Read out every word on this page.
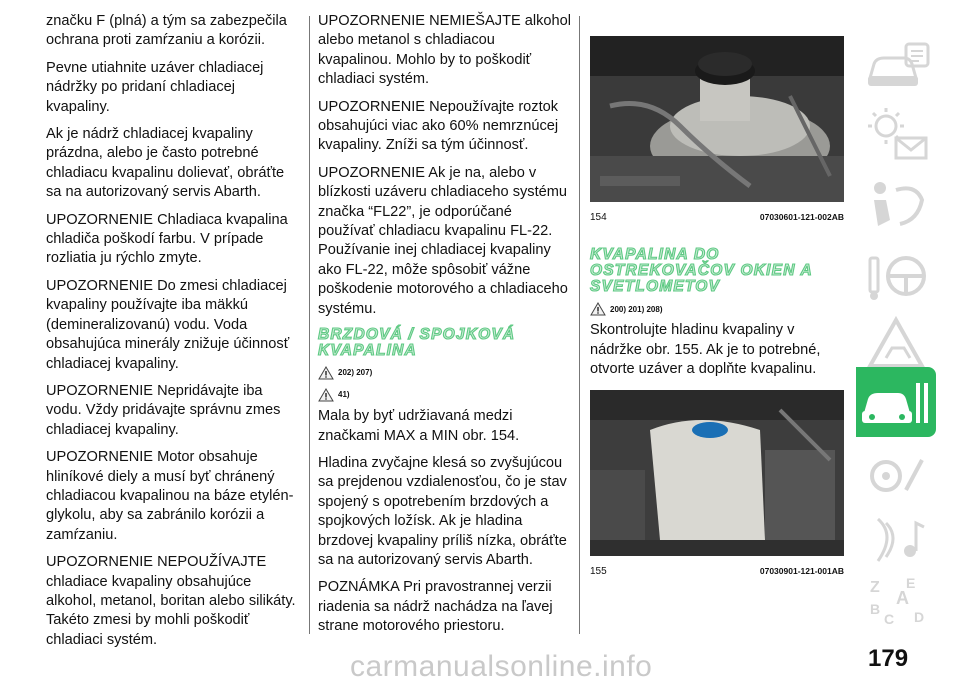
značku F (plná) a tým sa zabezpečila ochrana proti zamŕzaniu a korózii.

Pevne utiahnite uzáver chladiacej nádržky po pridaní chladiacej kvapaliny.

Ak je nádrž chladiacej kvapaliny prázdna, alebo je často potrebné chladiacu kvapalinu dolievať, obráťte sa na autorizovaný servis Abarth.

UPOZORNENIE Chladiaca kvapalina chladiča poškodí farbu. V prípade rozliatia ju rýchlo zmyte.

UPOZORNENIE Do zmesi chladiacej kvapaliny používajte iba mäkkú (demineralizovanú) vodu. Voda obsahujúca minerály znižuje účinnosť chladiacej kvapaliny.

UPOZORNENIE Nepridávajte iba vodu. Vždy pridávajte správnu zmes chladiacej kvapaliny.

UPOZORNENIE Motor obsahuje hliníkové diely a musí byť chránený chladiacou kvapalinou na báze etylén-glykolu, aby sa zabránilo korózii a zamŕzaniu.

UPOZORNENIE NEPOUŽÍVAJTE chladiace kvapaliny obsahujúce alkohol, metanol, boritan alebo silikáty. Takéto zmesi by mohli poškodiť chladiaci systém.

UPOZORNENIE NEMIEŠAJTE alkohol alebo metanol s chladiacou kvapalinou. Mohlo by to poškodiť chladiaci systém.

UPOZORNENIE Nepoužívajte roztok obsahujúci viac ako 60% nemrznúcej kvapaliny. Zníži sa tým účinnosť.

UPOZORNENIE Ak je na, alebo v blízkosti uzáveru chladiaceho systému značka “FL22”, je odporúčané používať chladiacu kvapalinu FL-22. Používanie inej chladiacej kvapaliny ako FL-22, môže spôsobiť vážne poškodenie motorového a chladiaceho systému.

BRZDOVÁ / SPOJKOVÁ KVAPALINA
202) 207)
41)

Mala by byť udržiavaná medzi značkami MAX a MIN obr. 154.

Hladina zvyčajne klesá so zvyšujúcou sa prejdenou vzdialenosťou, čo je stav spojený s opotrebením brzdových a spojkových ložísk. Ak je hladina brzdovej kvapaliny príliš nízka, obráťte sa na autorizovaný servis Abarth.

POZNÁMKA Pri pravostrannej verzii riadenia sa nádrž nachádza na ľavej strane motorového priestoru.

154	07030601-121-002AB
KVAPALINA DO OSTREKOVAČOV OKIEN A SVETLOMETOV
200) 201) 208)

Skontrolujte hladinu kvapaliny v nádržke obr. 155. Ak je to potrebné, otvorte uzáver a doplňte kvapalinu.

155	07030901-121-001AB
Z E
A
B
C D
179
carmanualsonline.info
